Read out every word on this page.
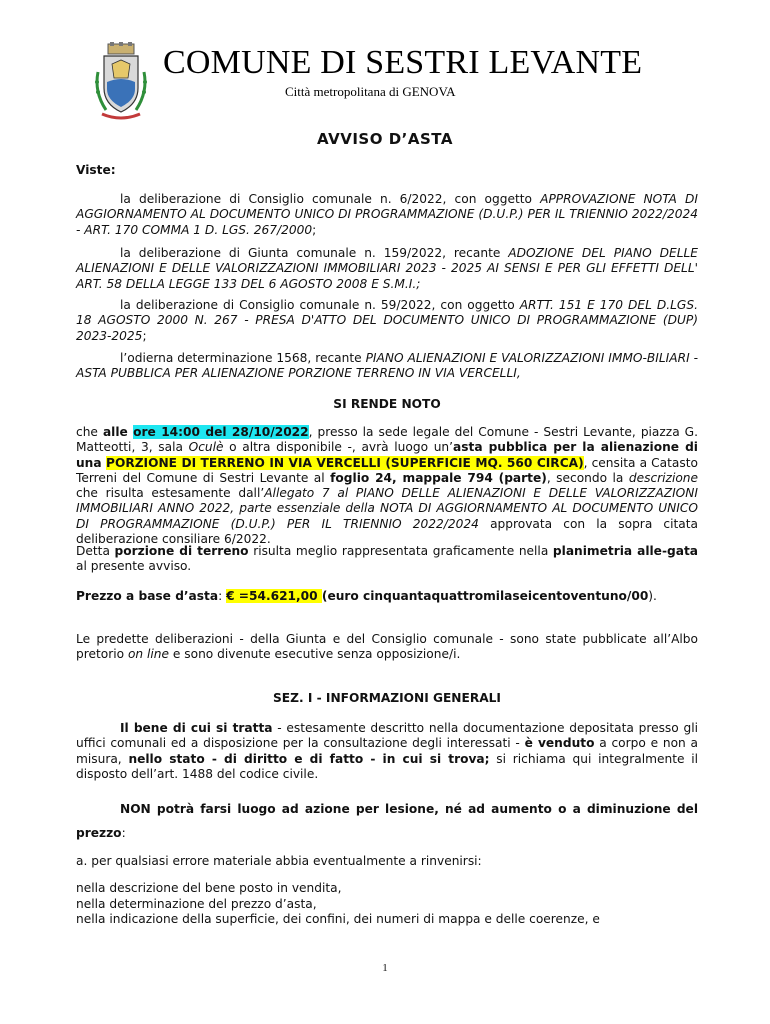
COMUNE DI SESTRI LEVANTE
Città metropolitana di GENOVA
AVVISO D’ASTA
Viste:
la deliberazione di Consiglio comunale n. 6/2022, con oggetto APPROVAZIONE NOTA DI AGGIORNAMENTO AL DOCUMENTO UNICO DI PROGRAMMAZIONE (D.U.P.) PER IL TRIENNIO 2022/2024 - ART. 170 COMMA 1 D. LGS. 267/2000;
la deliberazione di Giunta comunale n. 159/2022, recante ADOZIONE DEL PIANO DELLE ALIENAZIONI E DELLE VALORIZZAZIONI IMMOBILIARI 2023 - 2025 AI SENSI E PER GLI EFFETTI DELL' ART. 58 DELLA LEGGE 133 DEL 6 AGOSTO 2008 E S.M.I.;
la deliberazione di Consiglio comunale n. 59/2022, con oggetto ARTT. 151 E 170 DEL D.LGS. 18 AGOSTO 2000 N. 267 - PRESA D'ATTO DEL DOCUMENTO UNICO DI PROGRAMMAZIONE (DUP) 2023-2025;
l’odierna determinazione 1568, recante PIANO ALIENAZIONI E VALORIZZAZIONI IMMO-BILIARI - ASTA PUBBLICA PER ALIENAZIONE PORZIONE TERRENO IN VIA VERCELLI,
SI RENDE NOTO
che alle ore 14:00 del 28/10/2022, presso la sede legale del Comune - Sestri Levante, piazza G. Matteotti, 3, sala Oculè o altra disponibile -, avrà luogo un’asta pubblica per la alienazione di una PORZIONE DI TERRENO IN VIA VERCELLI (SUPERFICIE MQ. 560 CIRCA), censita a Catasto Terreni del Comune di Sestri Levante al foglio 24, mappale 794 (parte), secondo la descrizione che risulta estesamente dall’Allegato 7 al PIANO DELLE ALIENAZIONI E DELLE VALORIZZAZIONI IMMOBILIARI ANNO 2022, parte essenziale della NOTA DI AGGIORNAMENTO AL DOCUMENTO UNICO DI PROGRAMMAZIONE (D.U.P.) PER IL TRIENNIO 2022/2024 approvata con la sopra citata deliberazione consiliare 6/2022.
Detta porzione di terreno risulta meglio rappresentata graficamente nella planimetria alle-gata al presente avviso.
Prezzo a base d’asta: € =54.621,00 (euro cinquantaquattromilaseicentoventuno/00).
Le predette deliberazioni - della Giunta e del Consiglio comunale - sono state pubblicate all’Albo pretorio on line e sono divenute esecutive senza opposizione/i.
SEZ. I - INFORMAZIONI GENERALI
Il bene di cui si tratta - estesamente descritto nella documentazione depositata presso gli uffici comunali ed a disposizione per la consultazione degli interessati - è venduto a corpo e non a misura, nello stato - di diritto e di fatto - in cui si trova; si richiama qui integralmente il disposto dell’art. 1488 del codice civile.
NON potrà farsi luogo ad azione per lesione, né ad aumento o a diminuzione del prezzo:
a. per qualsiasi errore materiale abbia eventualmente a rinvenirsi:
nella descrizione del bene posto in vendita,
nella determinazione del prezzo d’asta,
nella indicazione della superficie, dei confini, dei numeri di mappa e delle coerenze, e
1
